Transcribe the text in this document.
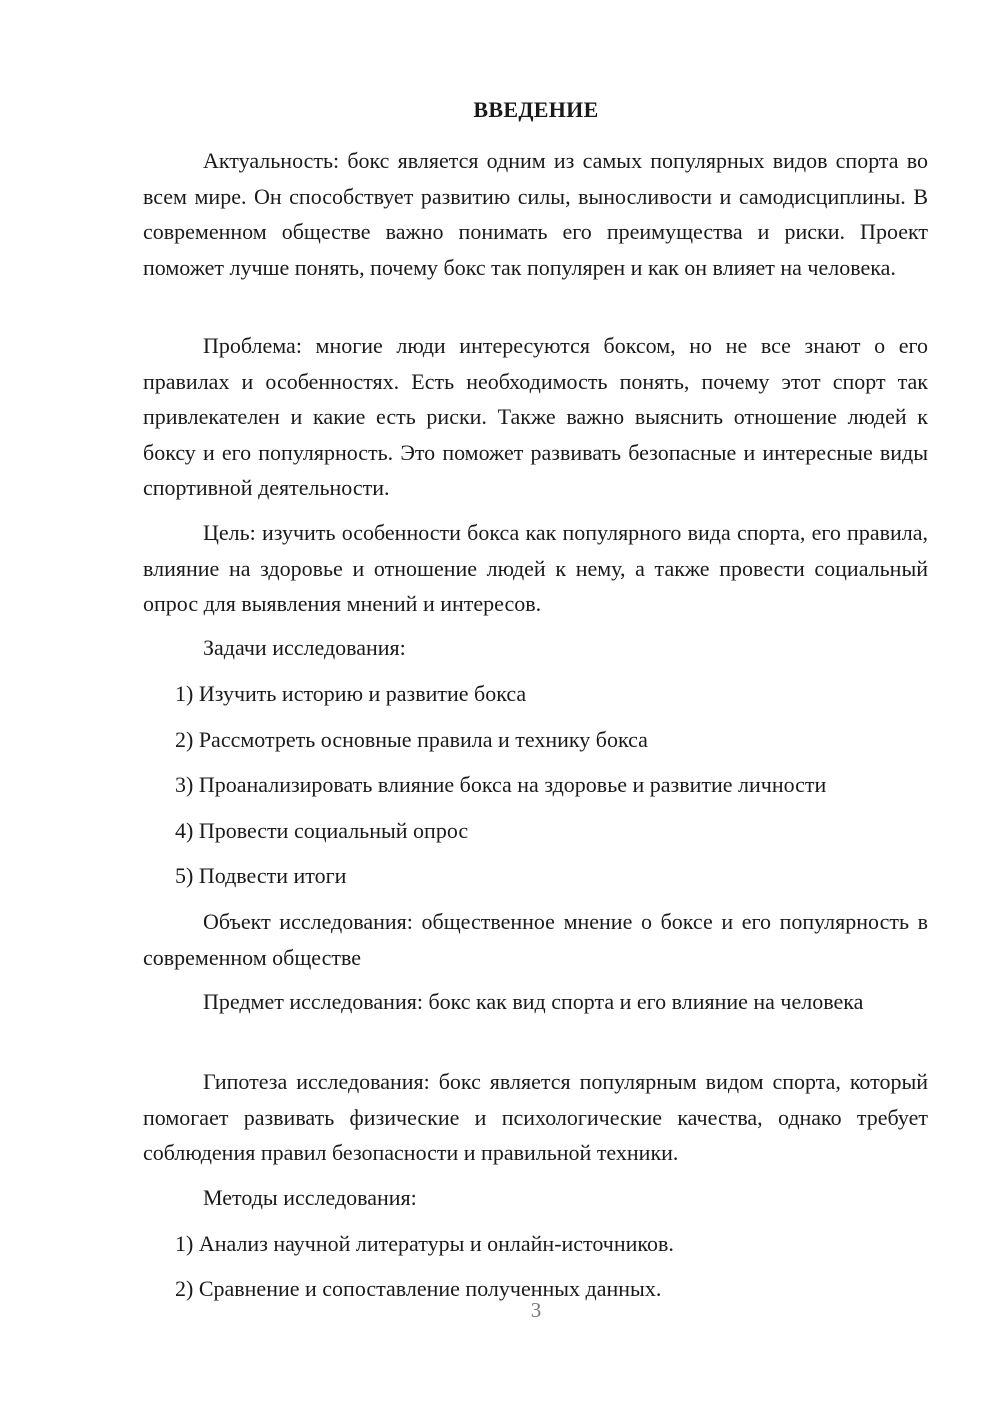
ВВЕДЕНИЕ

Актуальность: бокс является одним из самых популярных видов спорта во всем мире. Он способствует развитию силы, выносливости и самодисциплины. В современном обществе важно понимать его преимущества и риски. Проект поможет лучше понять, почему бокс так популярен и как он влияет на человека.

Проблема: многие люди интересуются боксом, но не все знают о его правилах и особенностях. Есть необходимость понять, почему этот спорт так привлекателен и какие есть риски. Также важно выяснить отношение людей к боксу и его популярность. Это поможет развивать безопасные и интересные виды спортивной деятельности.

Цель: изучить особенности бокса как популярного вида спорта, его правила, влияние на здоровье и отношение людей к нему, а также провести социальный опрос для выявления мнений и интересов.

Задачи исследования:
1) Изучить историю и развитие бокса
2) Рассмотреть основные правила и технику бокса
3) Проанализировать влияние бокса на здоровье и развитие личности
4) Провести социальный опрос
5) Подвести итоги

Объект исследования: общественное мнение о боксе и его популярность в современном обществе

Предмет исследования: бокс как вид спорта и его влияние на человека

Гипотеза исследования: бокс является популярным видом спорта, который помогает развивать физические и психологические качества, однако требует соблюдения правил безопасности и правильной техники.

Методы исследования:
1) Анализ научной литературы и онлайн-источников.
2) Сравнение и сопоставление полученных данных.
3
